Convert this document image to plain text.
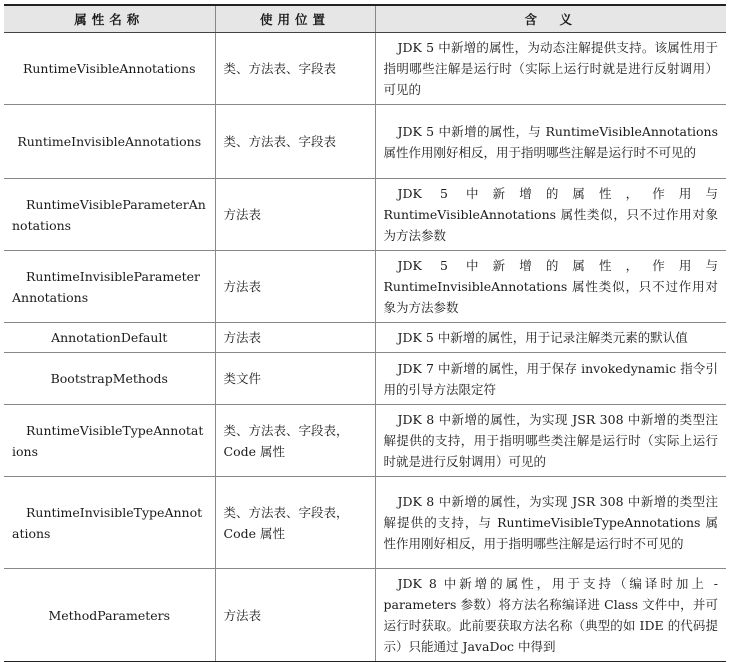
属性名称	使用位置	含　义
RuntimeVisibleAnnotations	类、方法表、字段表	JDK 5 中新增的属性，为动态注解提供支持。该属性用于指明哪些注解是运行时（实际上运行时就是进行反射调用）可见的
RuntimeInvisibleAnnotations	类、方法表、字段表	JDK 5 中新增的属性，与 RuntimeVisibleAnnotations 属性作用刚好相反，用于指明哪些注解是运行时不可见的
RuntimeVisibleParameterAnnotations	方法表	JDK 5 中新增的属性，作用与 RuntimeVisibleAnnotations 属性类似，只不过作用对象为方法参数
RuntimeInvisibleParameterAnnotations	方法表	JDK 5 中新增的属性，作用与 RuntimeInvisibleAnnotations 属性类似，只不过作用对象为方法参数
AnnotationDefault	方法表	JDK 5 中新增的属性，用于记录注解类元素的默认值
BootstrapMethods	类文件	JDK 7 中新增的属性，用于保存 invokedynamic 指令引用的引导方法限定符
RuntimeVisibleTypeAnnotations	类、方法表、字段表，Code 属性	JDK 8 中新增的属性，为实现 JSR 308 中新增的类型注解提供的支持，用于指明哪些类注解是运行时（实际上运行时就是进行反射调用）可见的
RuntimeInvisibleTypeAnnotations	类、方法表、字段表，Code 属性	JDK 8 中新增的属性，为实现 JSR 308 中新增的类型注解提供的支持，与 RuntimeVisibleTypeAnnotations 属性作用刚好相反，用于指明哪些注解是运行时不可见的
MethodParameters	方法表	JDK 8 中新增的属性，用于支持（编译时加上 -parameters 参数）将方法名称编译进 Class 文件中，并可运行时获取。此前要获取方法名称（典型的如 IDE 的代码提示）只能通过 JavaDoc 中得到
